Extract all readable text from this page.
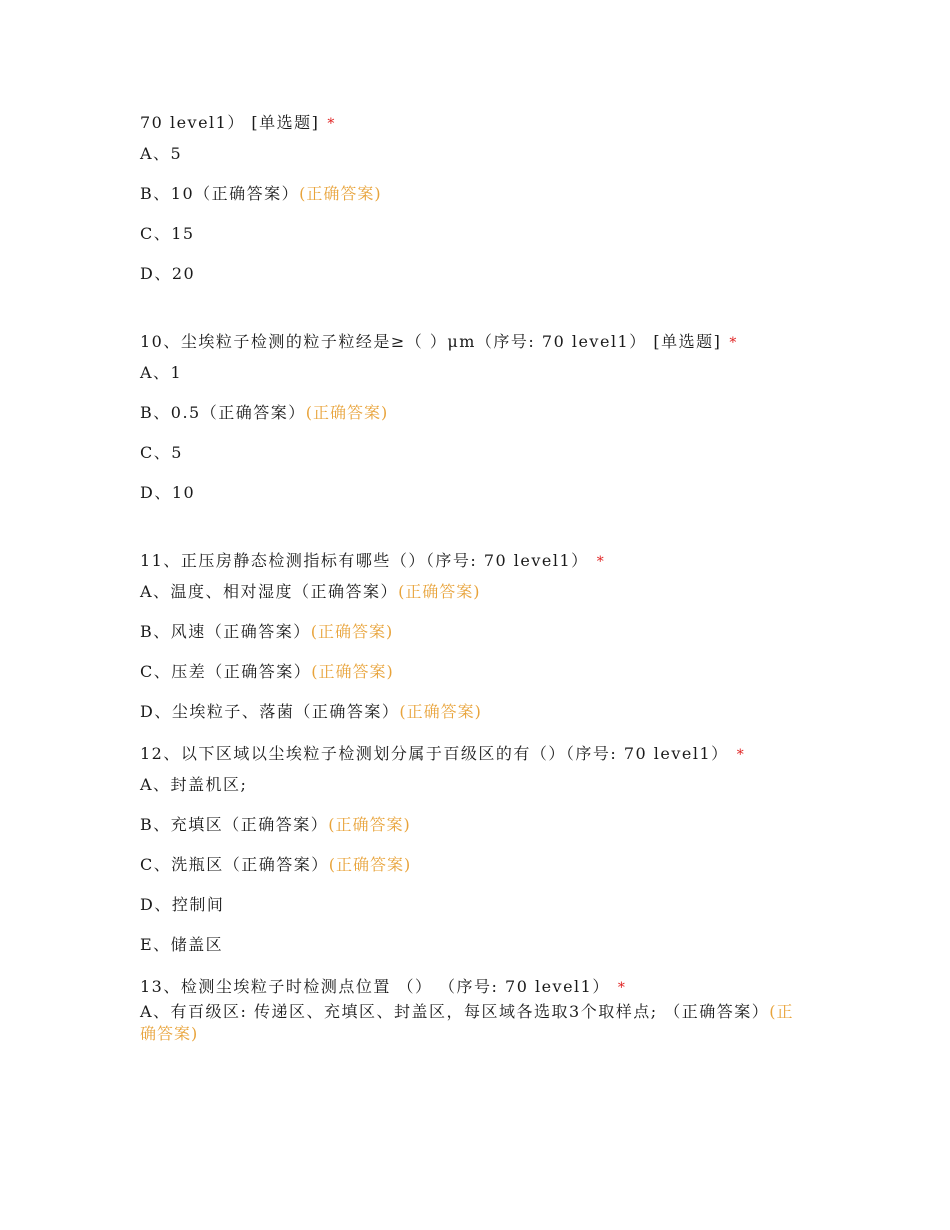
70 level1） [单选题] *
A、5
B、10（正确答案）(正确答案)
C、15
D、20
10、尘埃粒子检测的粒子粒经是≥（ ）μm（序号: 70 level1） [单选题] *
A、1
B、0.5（正确答案）(正确答案)
C、5
D、10
11、正压房静态检测指标有哪些（）（序号: 70 level1） *
A、温度、相对湿度（正确答案）(正确答案)
B、风速（正确答案）(正确答案)
C、压差（正确答案）(正确答案)
D、尘埃粒子、落菌（正确答案）(正确答案)
12、以下区域以尘埃粒子检测划分属于百级区的有（）（序号: 70 level1） *
A、封盖机区;
B、充填区（正确答案）(正确答案)
C、洗瓶区（正确答案）(正确答案)
D、控制间
E、储盖区
13、检测尘埃粒子时检测点位置 （） （序号: 70 level1） *
A、有百级区: 传递区、充填区、封盖区，每区域各选取3个取样点; （正确答案）(正确答案)
